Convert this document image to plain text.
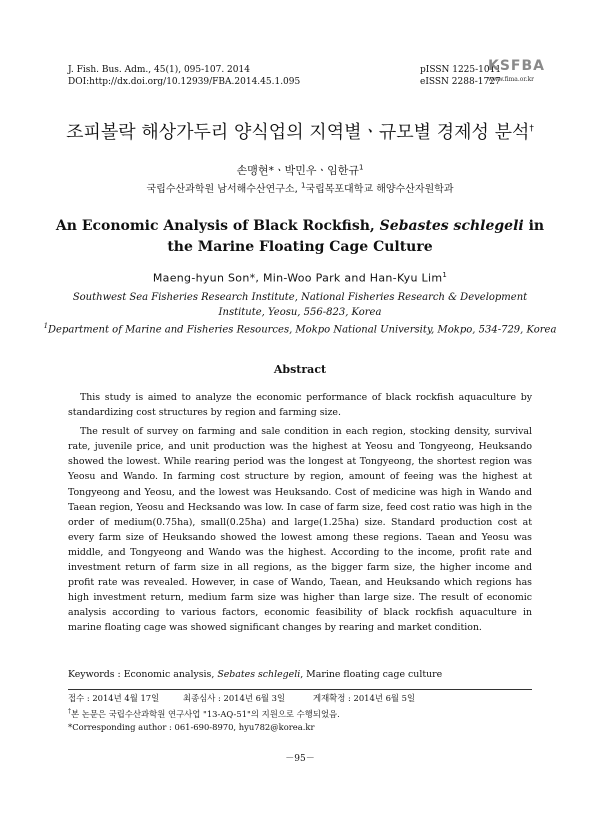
J. Fish. Bus. Adm., 45(1), 095-107. 2014
DOI:http://dx.doi.org/10.12939/FBA.2014.45.1.095
pISSN 1225-1011
eISSN 2288-1727
KSFBA
www.fima.or.kr
조피볼락 해상가두리 양식업의 지역별ㆍ규모별 경제성 분석†
손맹현*ㆍ박민우ㆍ임한규$^1$
국립수산과학원 남서해수산연구소, $^1$국립목포대학교 해양수산자원학과
An Economic Analysis of Black Rockfish, Sebastes schlegeli in
the Marine Floating Cage Culture
Maeng-hyun Son*, Min-Woo Park and Han-Kyu Lim$^1$
Southwest Sea Fisheries Research Institute, National Fisheries Research & Development Institute, Yeosu, 556-823, Korea
$^1$Department of Marine and Fisheries Resources, Mokpo National University, Mokpo, 534-729, Korea
Abstract

This study is aimed to analyze the economic performance of black rockfish aquaculture by standardizing cost structures by region and farming size.

The result of survey on farming and sale condition in each region, stocking density, survival rate, juvenile price, and unit production was the highest at Yeosu and Tongyeong, Heuksando showed the lowest. While rearing period was the longest at Tongyeong, the shortest region was Yeosu and Wando. In farming cost structure by region, amount of feeing was the highest at Tongyeong and Yeosu, and the lowest was Heuksando. Cost of medicine was high in Wando and Taean region, Yeosu and Hecksando was low. In case of farm size, feed cost ratio was high in the order of medium(0.75ha), small(0.25ha) and large(1.25ha) size. Standard production cost at every farm size of Heuksando showed the lowest among these regions. Taean and Yeosu was middle, and Tongyeong and Wando was the highest. According to the income, profit rate and investment return of farm size in all regions, as the bigger farm size, the higher income and profit rate was revealed. However, in case of Wando, Taean, and Heuksando which regions has high investment return, medium farm size was higher than large size. The result of economic analysis according to various factors, economic feasibility of black rockfish aquaculture in marine floating cage was showed significant changes by rearing and market condition.

Keywords : Economic analysis, Sebates schlegeli, Marine floating cage culture
접수 : 2014년 4월 17일	최종심사 : 2014년 6월 3일	게재확정 : 2014년 6월 5일
†본 논문은 국립수산과학원 연구사업 "13-AQ-51"의 지원으로 수행되었음.
*Corresponding author : 061-690-8970, hyu782@korea.kr
－95－
